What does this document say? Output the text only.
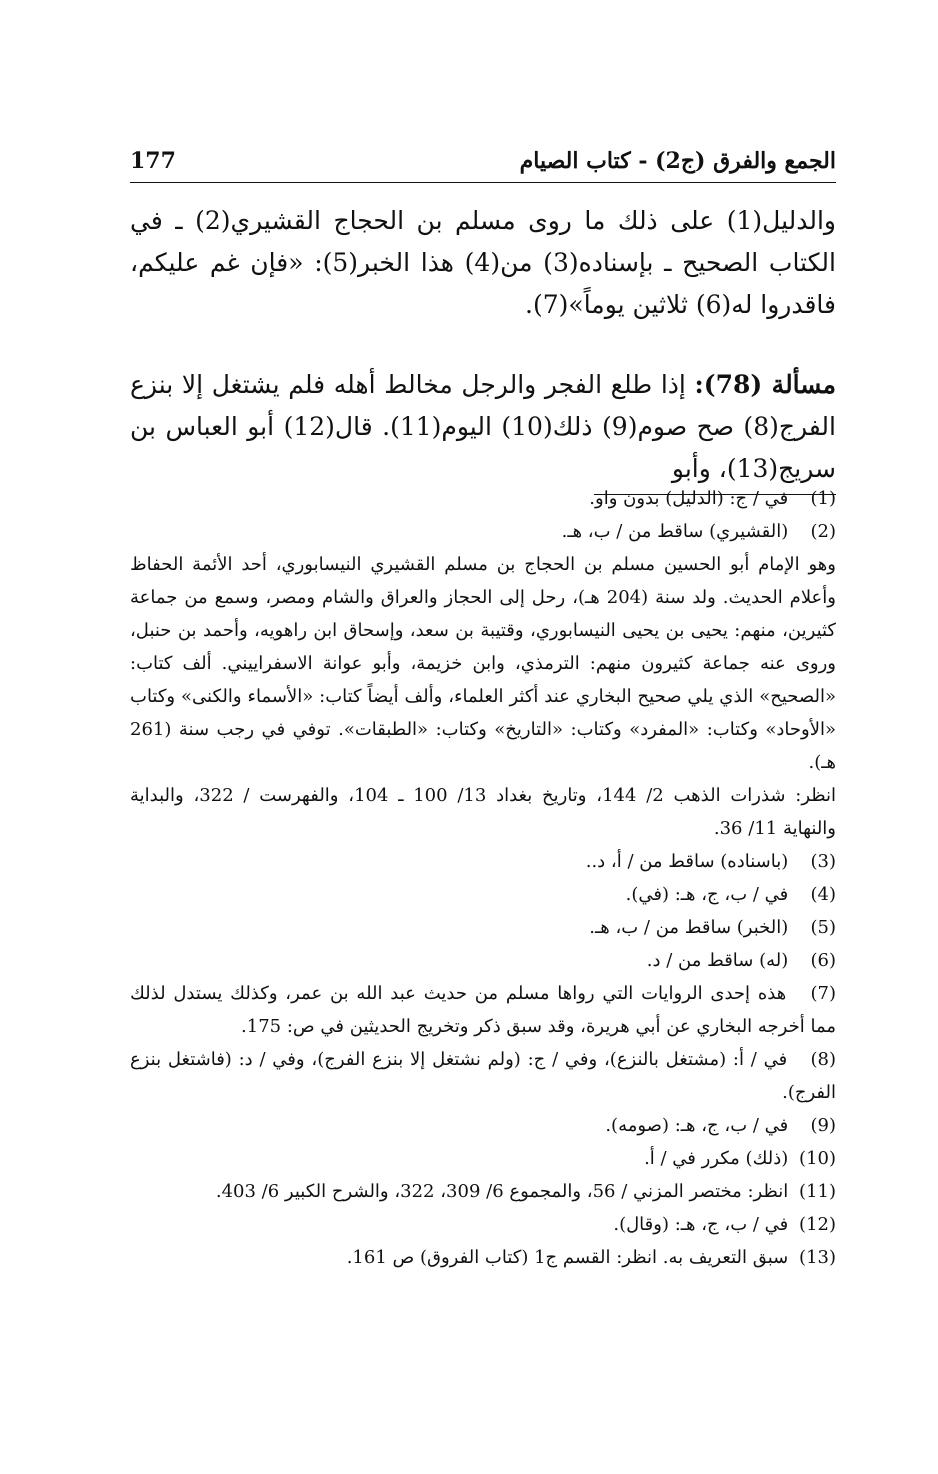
الجمع والفرق (ج2) - كتاب الصيام
177

والدليل(1) على ذلك ما روى مسلم بن الحجاج القشيري(2) ـ في الكتاب الصحيح ـ بإسناده(3) من(4) هذا الخبر(5): «فإن غم عليكم، فاقدروا له(6) ثلاثين يوماً»(7).

مسألة (78): إذا طلع الفجر والرجل مخالط أهله فلم يشتغل إلا بنزع الفرج(8) صح صوم(9) ذلك(10) اليوم(11). قال(12) أبو العباس بن سريج(13)، وأبو

(1) في / ج: (الدليل) بدون واو.

(2) (القشيري) ساقط من / ب، هـ.

وهو الإمام أبو الحسين مسلم بن الحجاج بن مسلم القشيري النيسابوري، أحد الأئمة الحفاظ وأعلام الحديث. ولد سنة (204 هـ)، رحل إلى الحجاز والعراق والشام ومصر، وسمع من جماعة كثيرين، منهم: يحيى بن يحيى النيسابوري، وقتيبة بن سعد، وإسحاق ابن راهويه، وأحمد بن حنبل، وروى عنه جماعة كثيرون منهم: الترمذي، وابن خزيمة، وأبو عوانة الاسفراييني. ألف كتاب: «الصحيح» الذي يلي صحيح البخاري عند أكثر العلماء، وألف أيضاً كتاب: «الأسماء والكنى» وكتاب «الأوحاد» وكتاب: «المفرد» وكتاب: «التاريخ» وكتاب: «الطبقات». توفي في رجب سنة (261 هـ).

انظر: شذرات الذهب 2/ 144، وتاريخ بغداد 13/ 100 ـ 104، والفهرست / 322، والبداية والنهاية 11/ 36.

(3) (باسناده) ساقط من / أ، د..

(4) في / ب، ج، هـ: (في).

(5) (الخبر) ساقط من / ب، هـ.

(6) (له) ساقط من / د.

(7) هذه إحدى الروايات التي رواها مسلم من حديث عبد الله بن عمر، وكذلك يستدل لذلك مما أخرجه البخاري عن أبي هريرة، وقد سبق ذكر وتخريج الحديثين في ص: 175.

(8) في / أ: (مشتغل بالنزع)، وفي / ج: (ولم نشتغل إلا بنزع الفرج)، وفي / د: (فاشتغل بنزع الفرج).

(9) في / ب، ج، هـ: (صومه).

(10) (ذلك) مكرر في / أ.

(11) انظر: مختصر المزني / 56، والمجموع 6/ 309، 322، والشرح الكبير 6/ 403.

(12) في / ب، ج، هـ: (وقال).

(13) سبق التعريف به. انظر: القسم ج1 (كتاب الفروق) ص 161.
